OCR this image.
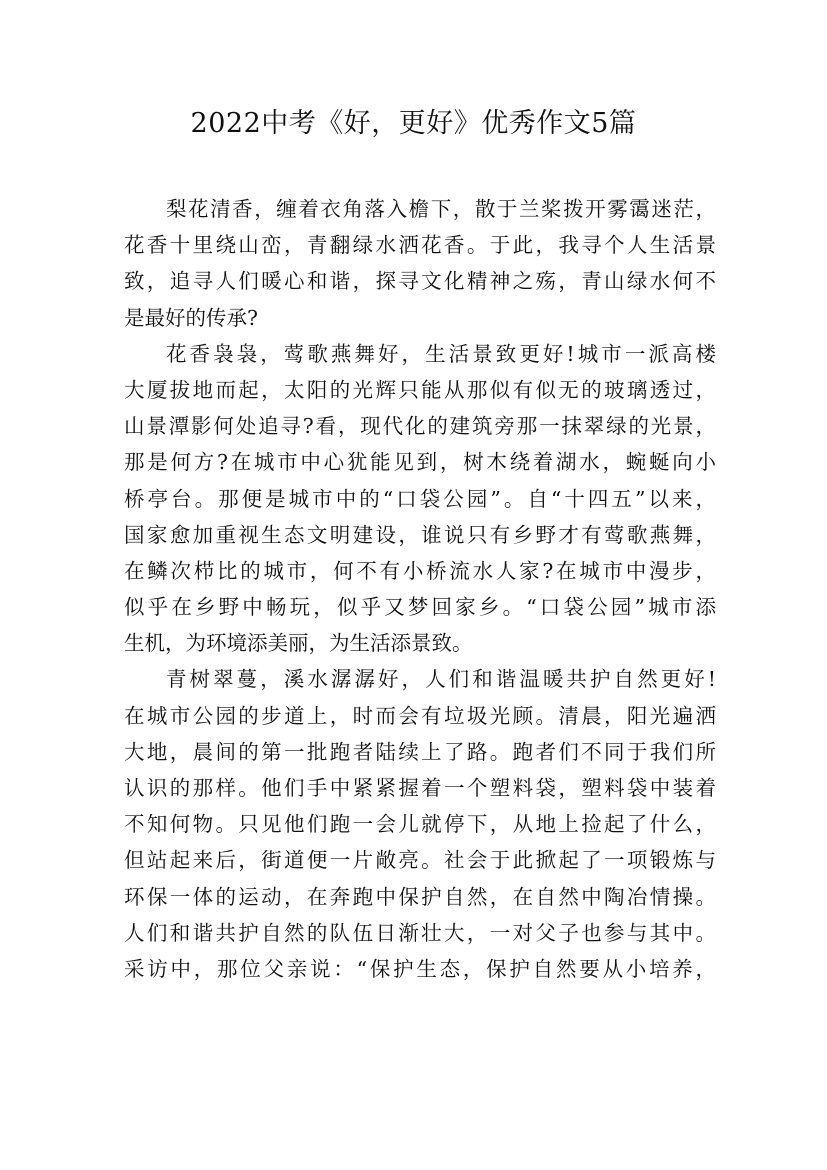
2022中考《好，更好》优秀作文5篇

梨花清香，缠着衣角落入檐下，散于兰桨拨开雾霭迷茫，
花香十里绕山峦，青翻绿水洒花香。于此，我寻个人生活景
致，追寻人们暖心和谐，探寻文化精神之殇，青山绿水何不
是最好的传承?

花香袅袅，莺歌燕舞好，生活景致更好!城市一派高楼
大厦拔地而起，太阳的光辉只能从那似有似无的玻璃透过，
山景潭影何处追寻?看，现代化的建筑旁那一抹翠绿的光景，
那是何方?在城市中心犹能见到，树木绕着湖水，蜿蜒向小
桥亭台。那便是城市中的“口袋公园”。自“十四五”以来，
国家愈加重视生态文明建设，谁说只有乡野才有莺歌燕舞，
在鳞次栉比的城市，何不有小桥流水人家?在城市中漫步，
似乎在乡野中畅玩，似乎又梦回家乡。“口袋公园”城市添
生机，为环境添美丽，为生活添景致。

青树翠蔓，溪水潺潺好，人们和谐温暖共护自然更好!
在城市公园的步道上，时而会有垃圾光顾。清晨，阳光遍洒
大地，晨间的第一批跑者陆续上了路。跑者们不同于我们所
认识的那样。他们手中紧紧握着一个塑料袋，塑料袋中装着
不知何物。只见他们跑一会儿就停下，从地上捡起了什么，
但站起来后，街道便一片敞亮。社会于此掀起了一项锻炼与
环保一体的运动，在奔跑中保护自然，在自然中陶冶情操。
人们和谐共护自然的队伍日渐壮大，一对父子也参与其中。
采访中，那位父亲说：“保护生态，保护自然要从小培养，
